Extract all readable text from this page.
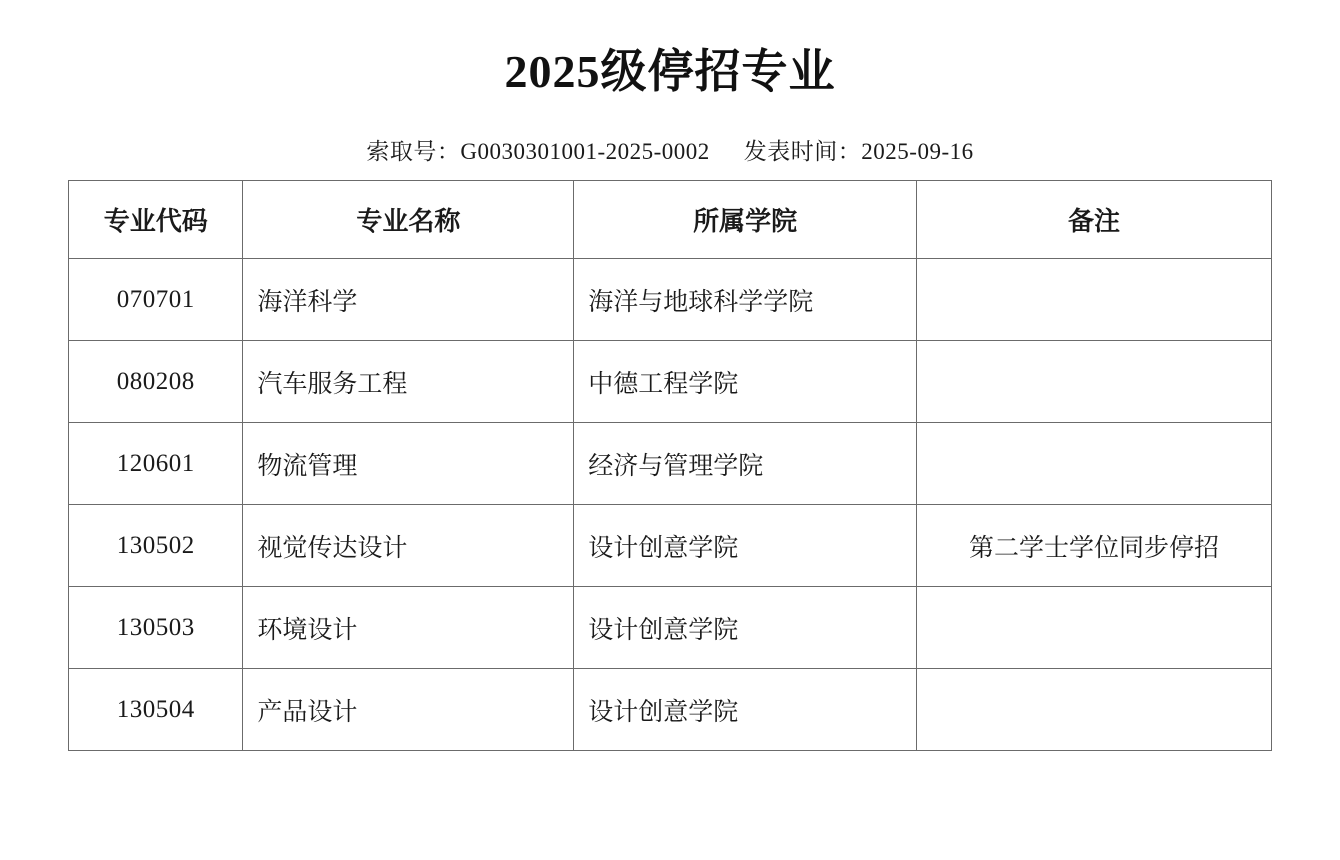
2025级停招专业
索取号：G0030301001-2025-0002 发表时间：2025-09-16
专业代码	专业名称	所属学院	备注
070701	海洋科学	海洋与地球科学学院	
080208	汽车服务工程	中德工程学院	
120601	物流管理	经济与管理学院	
130502	视觉传达设计	设计创意学院	第二学士学位同步停招
130503	环境设计	设计创意学院	
130504	产品设计	设计创意学院	
